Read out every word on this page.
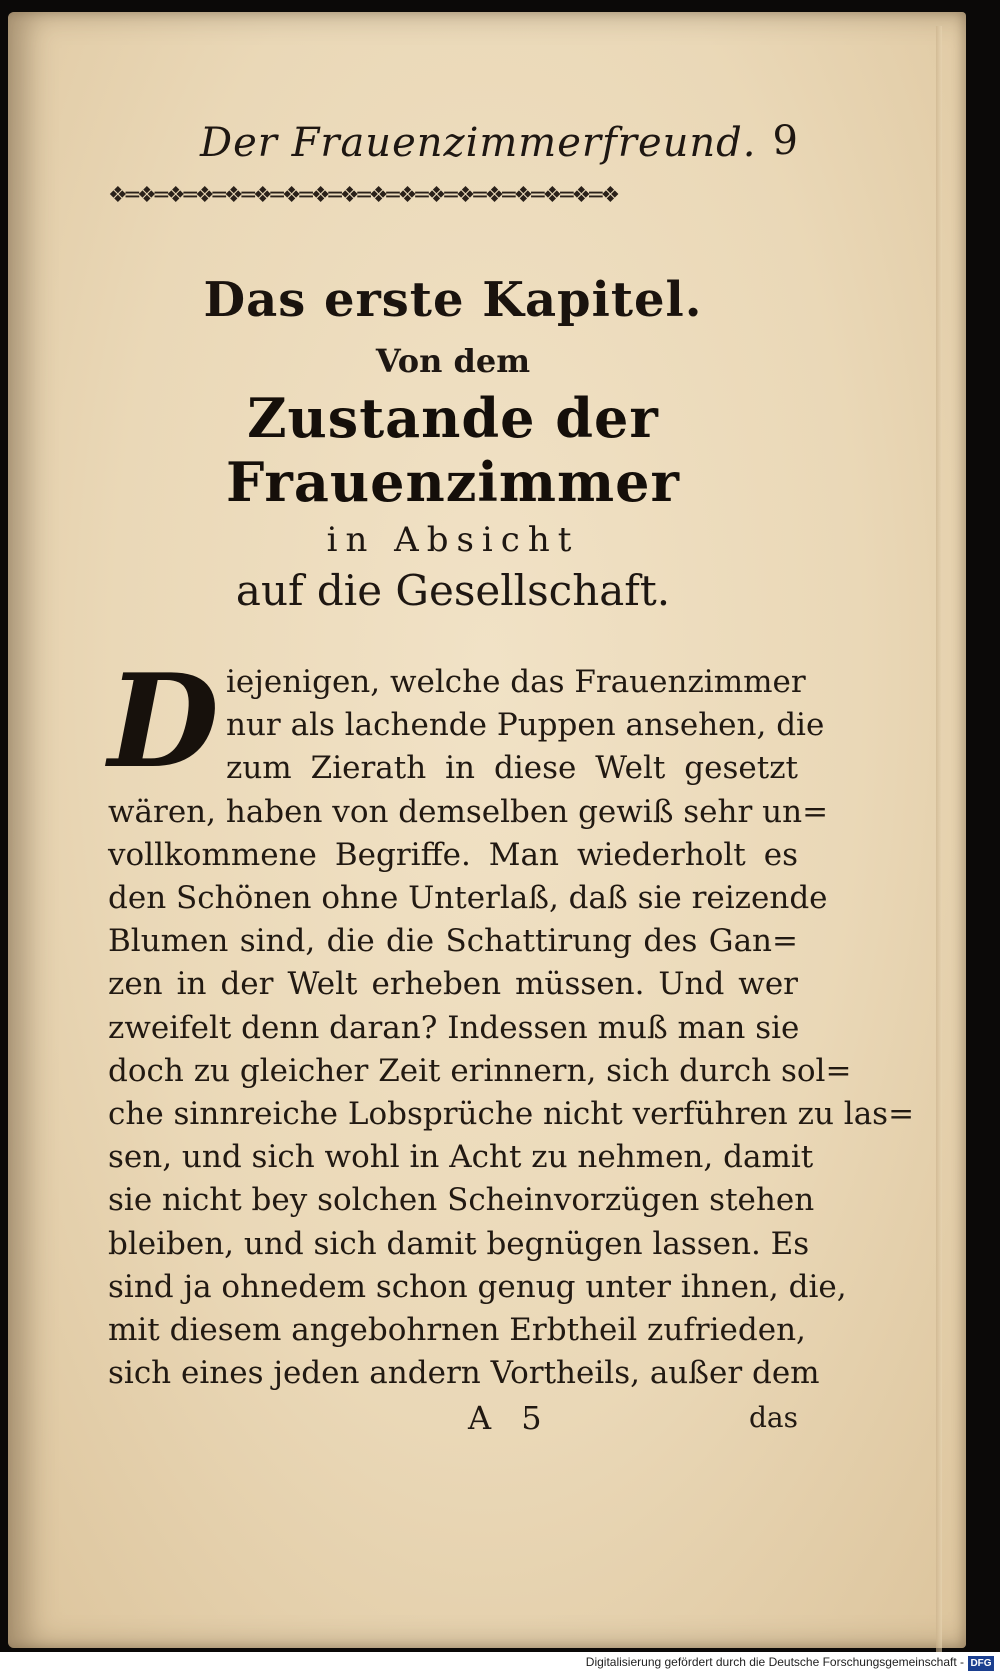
Der Frauenzimmerfreund. 9
❖═❖═❖═❖═❖═❖═❖═❖═❖═❖═❖═❖═❖═❖═❖═❖═❖═❖
Das erste Kapitel.
Von dem
Zustande der Frauenzimmer
in Absicht
auf die Gesellschaft.
D iejenigen, welche das Frauenzimmer
nur als lachende Puppen ansehen, die
zum Zierath in diese Welt gesetzt
wären, haben von demselben gewiß sehr un=
vollkommene Begriffe. Man wiederholt es
den Schönen ohne Unterlaß, daß sie reizende
Blumen sind, die die Schattirung des Gan=
zen in der Welt erheben müssen. Und wer
zweifelt denn daran? Indessen muß man sie
doch zu gleicher Zeit erinnern, sich durch sol=
che sinnreiche Lobsprüche nicht verführen zu las=
sen, und sich wohl in Acht zu nehmen, damit
sie nicht bey solchen Scheinvorzügen stehen
bleiben, und sich damit begnügen lassen. Es
sind ja ohnedem schon genug unter ihnen, die,
mit diesem angebohrnen Erbtheil zufrieden,
sich eines jeden andern Vortheils, außer dem
A 5	das
Digitalisierung gefördert durch die Deutsche Forschungsgemeinschaft - DFG
